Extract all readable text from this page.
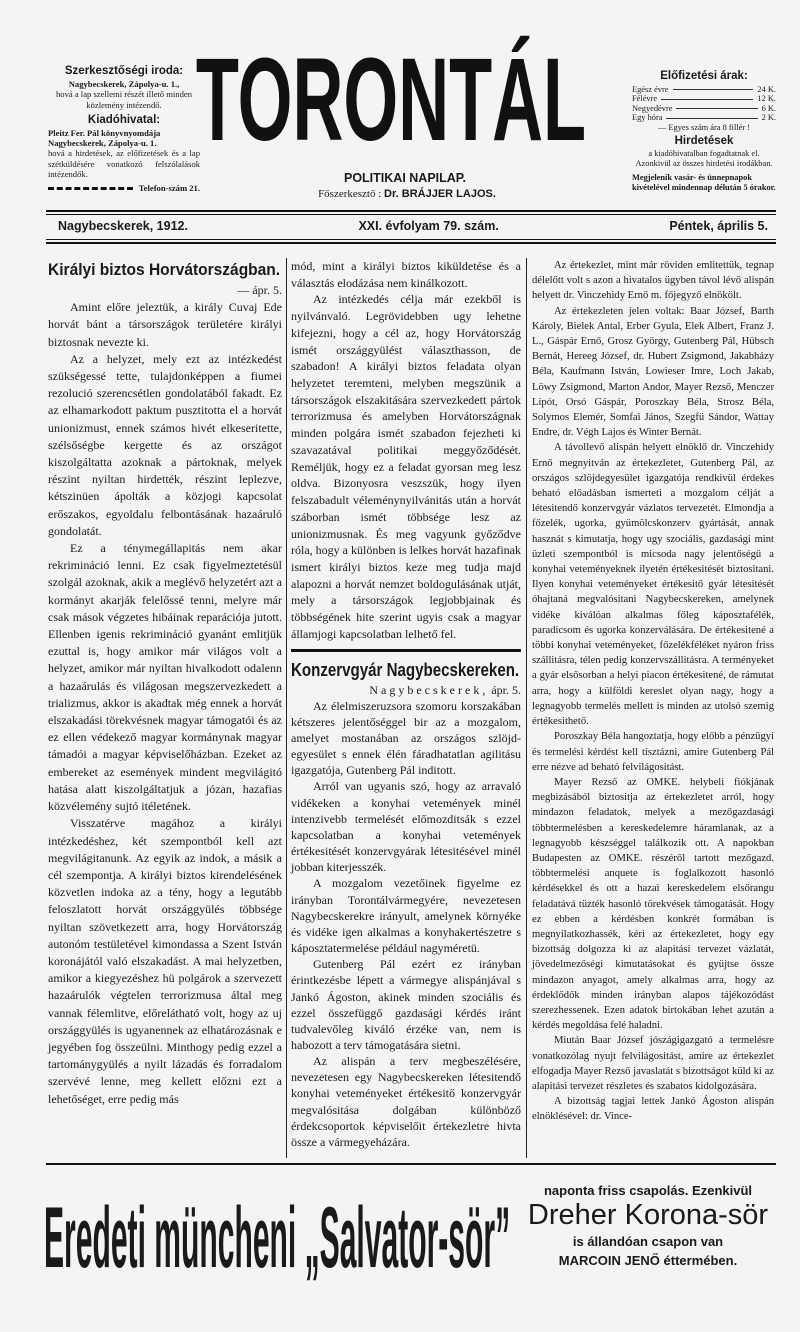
Szerkesztőségi iroda:
Nagybecskerek, Zápolya-u. 1.,
hová a lap szellemi részét illető minden közlemény intézendő.
Kiadóhivatal:
Pleitz Fer. Pál könyvnyomdája
Nagybecskerek, Zápolya-u. 1.
hová a hirdetések, az előfizetések és a lap szétküldésére vonatkozó felszólalások intézendők.
Telefon-szám 21.
TORONTÁL
POLITIKAI NAPILAP.
Főszerkesztő : Dr. BRÁJJER LAJOS.
Előfizetési árak:
Egész évre	24 K.
Félévre	12 K.
Negyedévre	6 K.
Egy hóra	2 K.
— Egyes szám ára 8 fillér !
Hirdetések
a kiadóhivatalban fogadtatnak el. Azonkivül az összes hirdetési irodákban.
Megjelenik vasár- és ünnepnapok kivételével mindennap délután 5 órakor.
Nagybecskerek, 1912.	XXI. évfolyam 79. szám.	Péntek, április 5.
Királyi biztos Horvátországban.

— ápr. 5.

Amint előre jeleztük, a király Cuvaj Ede horvát bánt a társországok területére királyi biztosnak nevezte ki.

Az a helyzet, mely ezt az intézkedést szükségessé tette, tulajdonképpen a fiumei rezolució szerencsétlen gondolatából fakadt. Ez az elhamarkodott paktum pusztitotta el a horvát unionizmust, ennek számos hivét elkeseritette, szélsőségbe kergette és az országot kiszolgáltatta azoknak a pártoknak, melyek részint nyiltan hirdették, részint leplezve, kétszinüen ápolták a közjogi kapcsolat erőszakos, egyoldalu felbontásának hazaáruló gondolatát.

Ez a ténymegállapitás nem akar rekrimináció lenni. Ez csak figyelmeztetésül szolgál azoknak, akik a meglévő helyzetért azt a kormányt akarják felelőssé tenni, melyre már csak mások végzetes hibáinak reparációja jutott. Ellenben igenis rekrimináció gyanánt emlitjük ezuttal is, hogy amikor már világos volt a helyzet, amikor már nyiltan hivalkodott odalenn a hazaárulás és világosan megszervezkedett a trializmus, akkor is akadtak még ennek a horvát elszakadási törekvésnek magyar támogatói és az ez ellen védekező magyar kormánynak magyar támadói a magyar képviselőházban. Ezeket az embereket az események mindent megvilágitó hatása alatt kiszolgáltatjuk a józan, hazafias közvélemény sujtó itéletének.

Visszatérve magához a királyi intézkedéshez, két szempontból kell azt megvilágitanunk. Az egyik az indok, a másik a cél szempontja. A királyi biztos kirendelésének közvetlen indoka az a tény, hogy a legutább feloszlatott horvát országgyülés többsége nyiltan szövetkezett arra, hogy Horvátország autonóm testületével kimondassa a Szent István koronájától való elszakadást. A mai helyzetben, amikor a kiegyezéshez hü polgárok a szervezett hazaárulók végtelen terrorizmusa által meg vannak félemlitve, előrelátható volt, hogy az uj országgyülés is ugyanennek az elhatározásnak e jegyében fog összeülni. Minthogy pedig ezzel a tartománygyülés a nyilt lázadás és forradalom szervévé lenne, meg kellett előzni ezt a lehetőséget, erre pedig más

mód, mint a királyi biztos kiküldetése és a választás elodázása nem kinálkozott.

Az intézkedés célja már ezekből is nyilvánvaló. Legrövidebben ugy lehetne kifejezni, hogy a cél az, hogy Horvátország ismét országgyülést választhasson, de szabadon! A királyi biztos feladata olyan helyzetet teremteni, melyben megszünik a társországok elszakitására szervezkedett pártok terrorizmusa és amelyben Horvátországnak minden polgára ismét szabadon fejezheti ki szavazatával politikai meggyőződését. Reméljük, hogy ez a feladat gyorsan meg lesz oldva. Bizonyosra veszszük, hogy ilyen felszabadult véleménynyilvánitás után a horvát száborban ismét többsége lesz az unionizmusnak. És meg vagyunk győződve róla, hogy a különben is lelkes horvát hazafinak ismert királyi biztos keze meg tudja majd alapozni a horvát nemzet boldogulásának utját, mely a társországok legjobbjainak és többségének hite szerint ugyis csak a magyar államjogi kapcsolatban lelhető fel.

Konzervgyár Nagybecskereken.

Nagybecskerek, ápr. 5.

Az élelmiszeruzsora szomoru korszakában kétszeres jelentőséggel bir az a mozgalom, amelyet mostanában az országos szlöjd-egyesület s ennek élén fáradhatatlan agilitásu igazgatója, Gutenberg Pál inditott.

Arról van ugyanis szó, hogy az arravaló vidékeken a konyhai vetemények minél intenzivebb termelését előmozditsák s ezzel kapcsolatban a konyhai vetemények értékesitését konzervgyárak létesitésével minél jobban kiterjesszék.

A mozgalom vezetőinek figyelme ez irányban Torontálvármegyére, nevezetesen Nagybecskerekre irányult, amelynek környéke és vidéke igen alkalmas a konyhakertészetre s káposztatermelése például nagyméretü.

Gutenberg Pál ezért ez irányban érintkezésbe lépett a vármegye alispánjával s Jankó Ágoston, akinek minden szociális és ezzel összefüggő gazdasági kérdés iránt tudvalevőleg kiváló érzéke van, nem is habozott a terv támogatására sietni.

Az alispán a terv megbeszélésére, nevezetesen egy Nagybecskereken létesitendő konyhai veteményeket értékesitő konzervgyár megvalósitása dolgában különböző érdekcsoportok képviselőit értekezletre hivta össze a vármegyeházára.

Az értekezlet, mint már röviden emlitettük, tegnap délelőtt volt s azon a hivatalos ügyben távol lévő alispán helyett dr. Vinczehidy Ernő m. főjegyző elnökölt.

Az értekezleten jelen voltak: Baar József, Barth Károly, Bielek Antal, Erber Gyula, Elek Albert, Franz J. L., Gáspár Ernő, Grosz György, Gutenberg Pál, Hübsch Bernát, Hereeg József, dr. Hubert Zsigmond, Jakabházy Béla, Kaufmann István, Lowieser Imre, Loch Jakab, Löwy Zsigmond, Marton Andor, Mayer Rezső, Menczer Lipót, Orsó Gáspár, Poroszkay Béla, Strosz Béla, Solymos Elemér, Somfai János, Szegfü Sándor, Wattay Endre, dr. Végh Lajos és Winter Bernát.

A távollevő alispán helyett elnöklő dr. Vinczehidy Ernő megnyitván az értekezletet, Gutenberg Pál, az országos szlöjdegyesület igazgatója rendkivül érdekes beható előadásban ismerteti a mozgalom célját a létesitendő konzervgyár vázlatos tervezetét. Elmondja a főzelék, ugorka, gyümölcskonzerv gyártását, annak hasznát s kimutatja, hogy ugy szociális, gazdasági mint üzleti szempontból is micsoda nagy jelentőségü a konyhai veteményeknek ilyetén értékesitését biztositani. Ilyen konyhai veteményeket értékesitő gyár létesitését óhajtaná megvalósitani Nagybecskereken, amelynek vidéke kiválóan alkalmas főleg káposztafélék, paradicsom és ugorka konzerválására. De értékesitené a többi konyhai veteményeket, főzelékféléket nyáron friss szállitásra, télen pedig konzervszállitásra. A terményeket a gyár elsősorban a helyi piacon értékesitené, de rámutat arra, hogy a külföldi kereslet olyan nagy, hogy a legnagyobb termelés mellett is minden az utolsó szemig értékesithető.

Poroszkay Béla hangoztatja, hogy előbb a pénzügyi és termelési kérdést kell tisztázni, amire Gutenberg Pál erre nézve ad beható felvilágositást.

Mayer Rezső az OMKE. helybeli fiókjának megbizásából biztositja az értekezletet arról, hogy mindazon feladatok, melyek a mezőgazdasági többtermelésben a kereskedelemre háramlanak, az a legnagyobb készséggel találkozik ott. A napokban Budapesten az OMKE. részéről tartott mezőgazd. többtermelési anquete is foglalkozott hasonló kérdésekkel és ott a hazai kereskedelem elsőrangu feladatává tüzték hasonló törekvések támogatását. Hogy ez ebben a kérdésben konkrét formában is megnyilatkozhassék, kéri az értekezletet, hogy egy bizottság dolgozza ki az alapitási tervezet vázlatát, jövedelmezőségi kimutatásokat és gyüjtse össze mindazon anyagot, amely alkalmas arra, hogy az érdeklődők minden irányban alapos tájékozódást szerezhessenek. Ezen adatok birtokában lehet azután a kérdés megoldása felé haladni.

Miután Baar József jószágigazgató a termelésre vonatkozólag nyujt felvilágositást, amire az értekezlet elfogadja Mayer Rezső javaslatát s bizottságot küld ki az alapitási tervezet részletes és szabatos kidolgozására.

A bizottság tagjai lettek Jankó Ágoston alispán elnöklésével: dr. Vince-

Eredeti müncheni „Salvator-sör”	naponta friss csapolás. Ezenkivül
Dreher Korona-sör
is állandóan csapon van
MARCOIN JENŐ éttermében.
